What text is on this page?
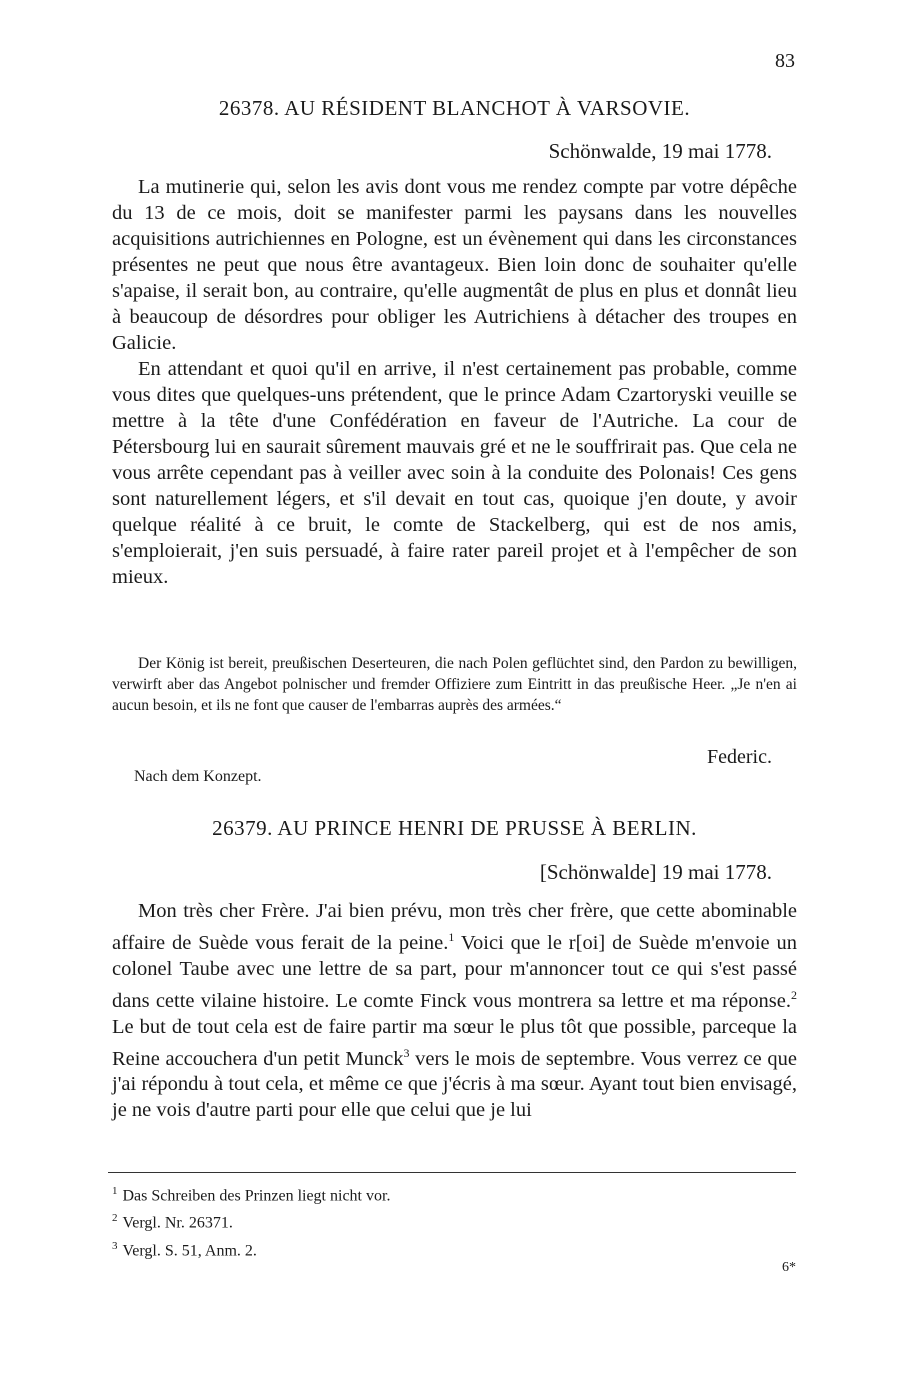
83
26378. AU RÉSIDENT BLANCHOT À VARSOVIE.
Schönwalde, 19 mai 1778.

La mutinerie qui, selon les avis dont vous me rendez compte par votre dépêche du 13 de ce mois, doit se manifester parmi les paysans dans les nouvelles acquisitions autrichiennes en Pologne, est un évènement qui dans les circonstances présentes ne peut que nous être avantageux. Bien loin donc de souhaiter qu'elle s'apaise, il serait bon, au contraire, qu'elle augmentât de plus en plus et donnât lieu à beaucoup de désordres pour obliger les Autrichiens à détacher des troupes en Galicie.

En attendant et quoi qu'il en arrive, il n'est certainement pas probable, comme vous dites que quelques-uns prétendent, que le prince Adam Czartoryski veuille se mettre à la tête d'une Confédération en faveur de l'Autriche. La cour de Pétersbourg lui en saurait sûrement mauvais gré et ne le souffrirait pas. Que cela ne vous arrête cependant pas à veiller avec soin à la conduite des Polonais! Ces gens sont naturellement légers, et s'il devait en tout cas, quoique j'en doute, y avoir quelque réalité à ce bruit, le comte de Stackelberg, qui est de nos amis, s'emploierait, j'en suis persuadé, à faire rater pareil projet et à l'empêcher de son mieux.

Der König ist bereit, preußischen Deserteuren, die nach Polen geflüchtet sind, den Pardon zu bewilligen, verwirft aber das Angebot polnischer und fremder Offiziere zum Eintritt in das preußische Heer. „Je n'en ai aucun besoin, et ils ne font que causer de l'embarras auprès des armées.“

Federic.
Nach dem Konzept.
26379. AU PRINCE HENRI DE PRUSSE À BERLIN.
[Schönwalde] 19 mai 1778.

Mon très cher Frère. J'ai bien prévu, mon très cher frère, que cette abominable affaire de Suède vous ferait de la peine.$^1$ Voici que le r[oi] de Suède m'envoie un colonel Taube avec une lettre de sa part, pour m'annoncer tout ce qui s'est passé dans cette vilaine histoire. Le comte Finck vous montrera sa lettre et ma réponse.$^2$ Le but de tout cela est de faire partir ma sœur le plus tôt que possible, parceque la Reine accouchera d'un petit Munck$^3$ vers le mois de septembre. Vous verrez ce que j'ai répondu à tout cela, et même ce que j'écris à ma sœur. Ayant tout bien envisagé, je ne vois d'autre parti pour elle que celui que je lui

$^1$ Das Schreiben des Prinzen liegt nicht vor.
$^2$ Vergl. Nr. 26371.
$^3$ Vergl. S. 51, Anm. 2.
6*
